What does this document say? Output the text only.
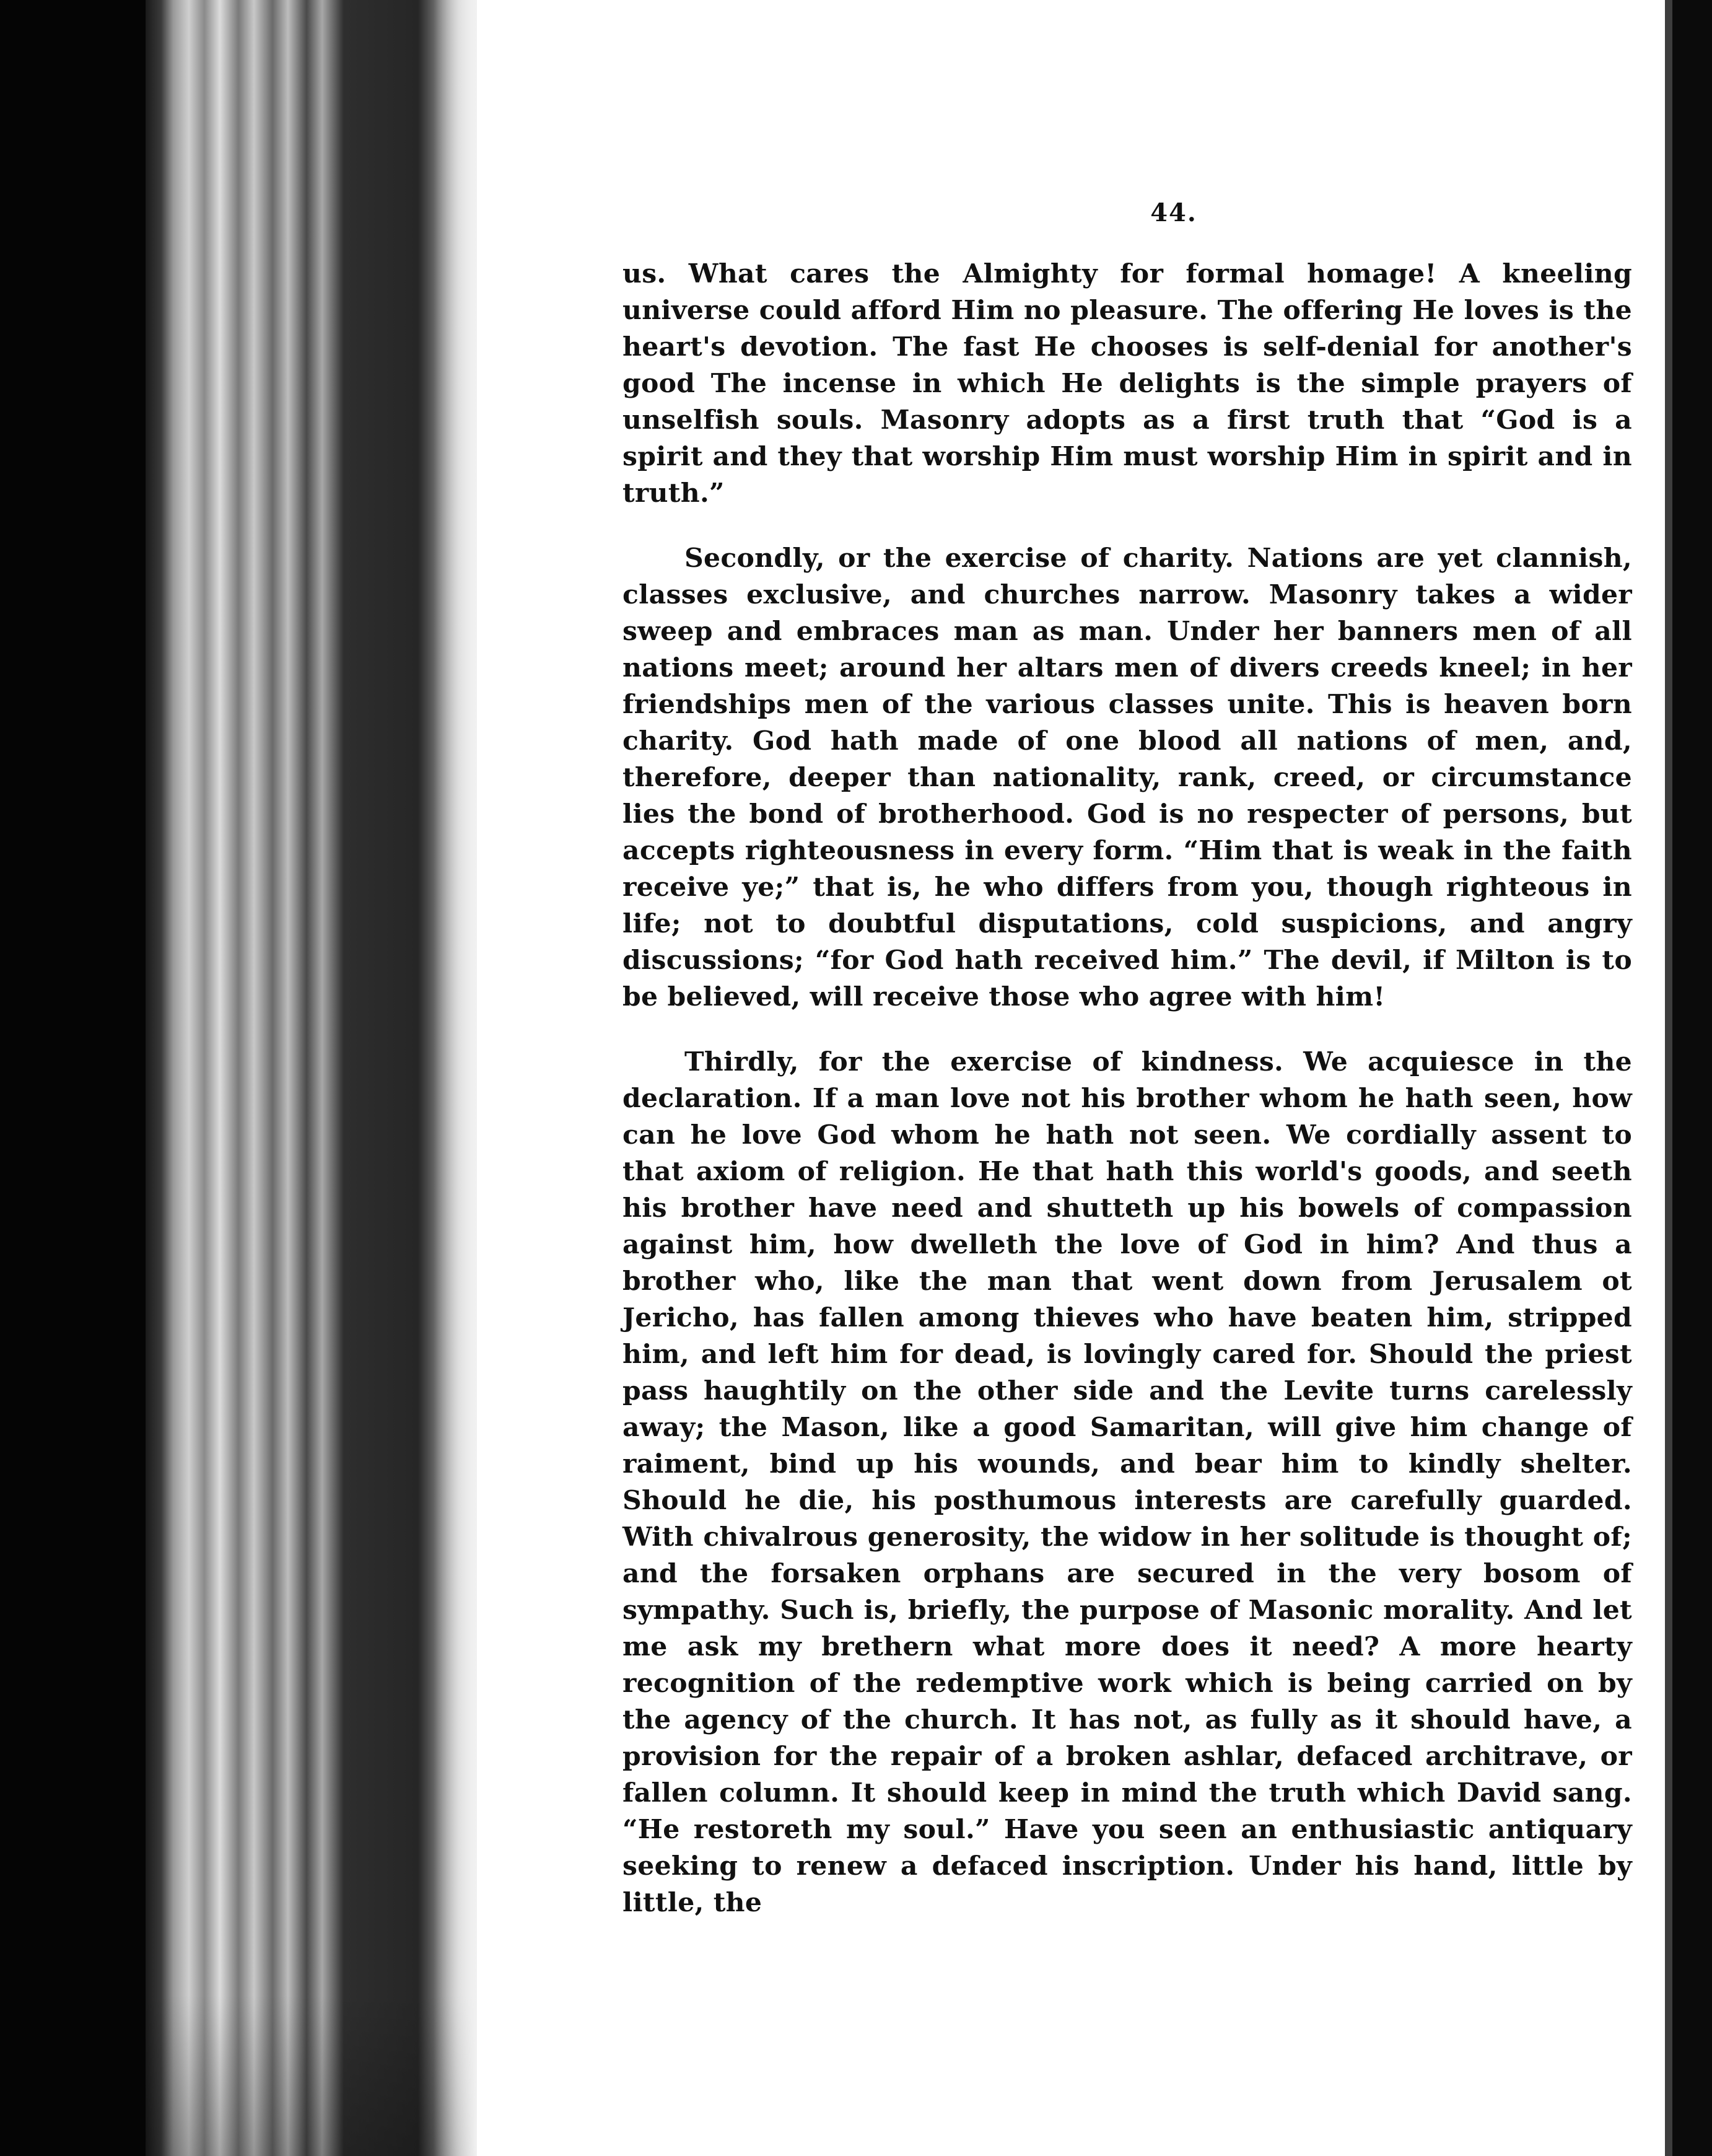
44.

us. What cares the Almighty for formal homage! A kneeling universe could afford Him no pleasure. The offering He loves is the heart's devotion. The fast He chooses is self-denial for another's good The incense in which He delights is the simple prayers of unselfish souls. Masonry adopts as a first truth that “God is a spirit and they that worship Him must worship Him in spirit and in truth.”

Secondly, or the exercise of charity. Nations are yet clannish, classes exclusive, and churches narrow. Masonry takes a wider sweep and embraces man as man. Under her banners men of all nations meet; around her altars men of divers creeds kneel; in her friendships men of the various classes unite. This is heaven born charity. God hath made of one blood all nations of men, and, therefore, deeper than nationality, rank, creed, or circumstance lies the bond of brotherhood. God is no respecter of persons, but accepts righteousness in every form. “Him that is weak in the faith receive ye;” that is, he who differs from you, though righteous in life; not to doubtful disputations, cold suspicions, and angry discussions; “for God hath received him.” The devil, if Milton is to be believed, will receive those who agree with him!

Thirdly, for the exercise of kindness. We acquiesce in the declaration. If a man love not his brother whom he hath seen, how can he love God whom he hath not seen. We cordially assent to that axiom of religion. He that hath this world's goods, and seeth his brother have need and shutteth up his bowels of compassion against him, how dwelleth the love of God in him? And thus a brother who, like the man that went down from Jerusalem ot Jericho, has fallen among thieves who have beaten him, stripped him, and left him for dead, is lovingly cared for. Should the priest pass haughtily on the other side and the Levite turns carelessly away; the Mason, like a good Samaritan, will give him change of raiment, bind up his wounds, and bear him to kindly shelter. Should he die, his posthumous interests are carefully guarded. With chivalrous generosity, the widow in her solitude is thought of; and the forsaken orphans are secured in the very bosom of sympathy. Such is, briefly, the purpose of Masonic morality. And let me ask my brethern what more does it need? A more hearty recognition of the redemptive work which is being carried on by the agency of the church. It has not, as fully as it should have, a provision for the repair of a broken ashlar, defaced architrave, or fallen column. It should keep in mind the truth which David sang. “He restoreth my soul.” Have you seen an enthusiastic antiquary seeking to renew a defaced inscription. Under his hand, little by little, the
